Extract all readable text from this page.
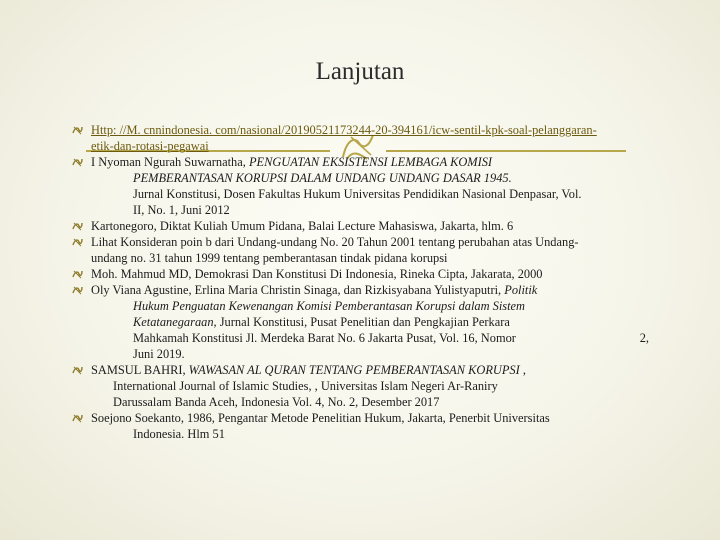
Lanjutan
Http: //M. cnnindonesia. com/nasional/20190521173244-20-394161/icw-sentil-kpk-soal-pelanggaran-
etik-dan-rotasi-pegawai
I Nyoman Ngurah Suwarnatha, PENGUATAN EKSISTENSI LEMBAGA KOMISI
PEMBERANTASAN KORUPSI DALAM UNDANG UNDANG DASAR 1945.
Jurnal Konstitusi, Dosen Fakultas Hukum Universitas Pendidikan Nasional Denpasar, Vol.
II, No. 1, Juni 2012
Kartonegoro, Diktat Kuliah Umum Pidana, Balai Lecture Mahasiswa, Jakarta, hlm. 6
Lihat Konsideran poin b dari Undang-undang No. 20 Tahun 2001 tentang perubahan atas Undang-
undang no. 31 tahun 1999 tentang pemberantasan tindak pidana korupsi
Moh. Mahmud MD, Demokrasi Dan Konstitusi Di Indonesia, Rineka Cipta, Jakarata, 2000
Oly Viana Agustine, Erlina Maria Christin Sinaga, dan Rizkisyabana Yulistyaputri, Politik
Hukum Penguatan Kewenangan Komisi Pemberantasan Korupsi dalam Sistem
Ketatanegaraan, Jurnal Konstitusi, Pusat Penelitian dan Pengkajian Perkara
Mahkamah Konstitusi Jl. Merdeka Barat No. 6 Jakarta Pusat, Vol. 16, Nomor	2,
Juni 2019.
SAMSUL BAHRI, WAWASAN AL QURAN TENTANG PEMBERANTASAN KORUPSI ,
International Journal of Islamic Studies, , Universitas Islam Negeri Ar-Raniry
Darussalam Banda Aceh, Indonesia Vol. 4, No. 2, Desember 2017
Soejono Soekanto, 1986, Pengantar Metode Penelitian Hukum, Jakarta, Penerbit Universitas
Indonesia. Hlm 51
